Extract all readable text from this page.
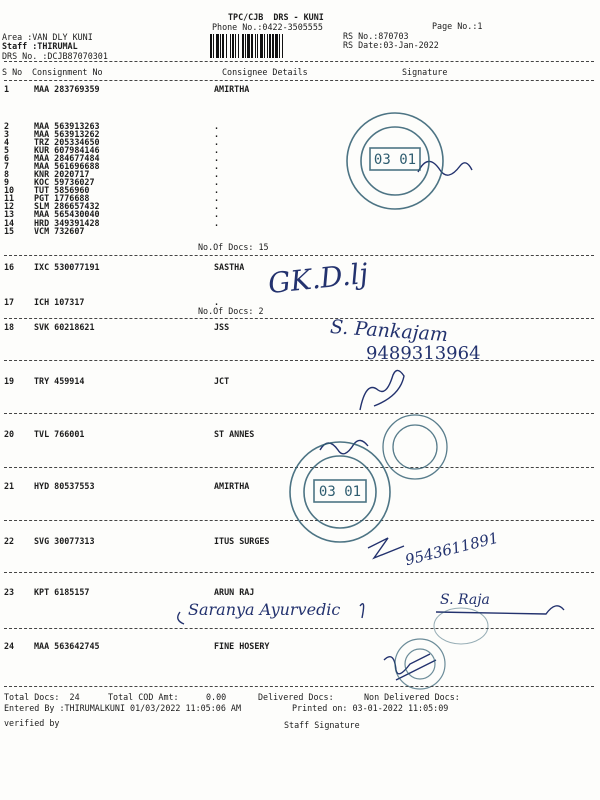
TPC/CJB  DRS - KUNI
Page No.:1
Phone No.:0422-3505555
Area :VAN DLY KUNI
Staff :THIRUMAL
DRS No. :DCJB87070301
RS No.:870703
RS Date:03-Jan-2022
S No Consignment No	Consignee Details	Signature
1	MAA 283769359	AMIRTHA
2	MAA 563913263	.
3	MAA 563913262	.
4	TRZ 205334650	.
5	KUR 607984146	.
6	MAA 284677484	.
7	MAA 561696688	.
8	KNR 2020717	.
9	KOC 59736027	.
10 TUT 5856960	.
11 PGT 1776688	.
12 SLM 286657432	.
13 MAA 565430040	.
14 HRD 349391428	.
15 VCM 732607
No.Of Docs: 15
16 IXC 530077191	SASTHA
17 ICH 107317	.
No.Of Docs: 2
18 SVK 60218621	JSS
19 TRY 459914	JCT
20 TVL 766001	ST ANNES
21 HYD 80537553	AMIRTHA
22 SVG 30077313	ITUS SURGES
23 KPT 6185157	ARUN RAJ
24 MAA 563642745	FINE HOSERY
GK.D.lj
S. Pankajam
9489313964
9543611891
Saranya Ayurvedic	S. Raja
03 01
03 01
Total Docs:  24	Total COD Amt:	0.00	Delivered Docs:	Non Delivered Docs:
Entered By :THIRUMALKUNI 01/03/2022 11:05:06 AM	Printed on: 03-01-2022 11:05:09
verified by	Staff Signature
